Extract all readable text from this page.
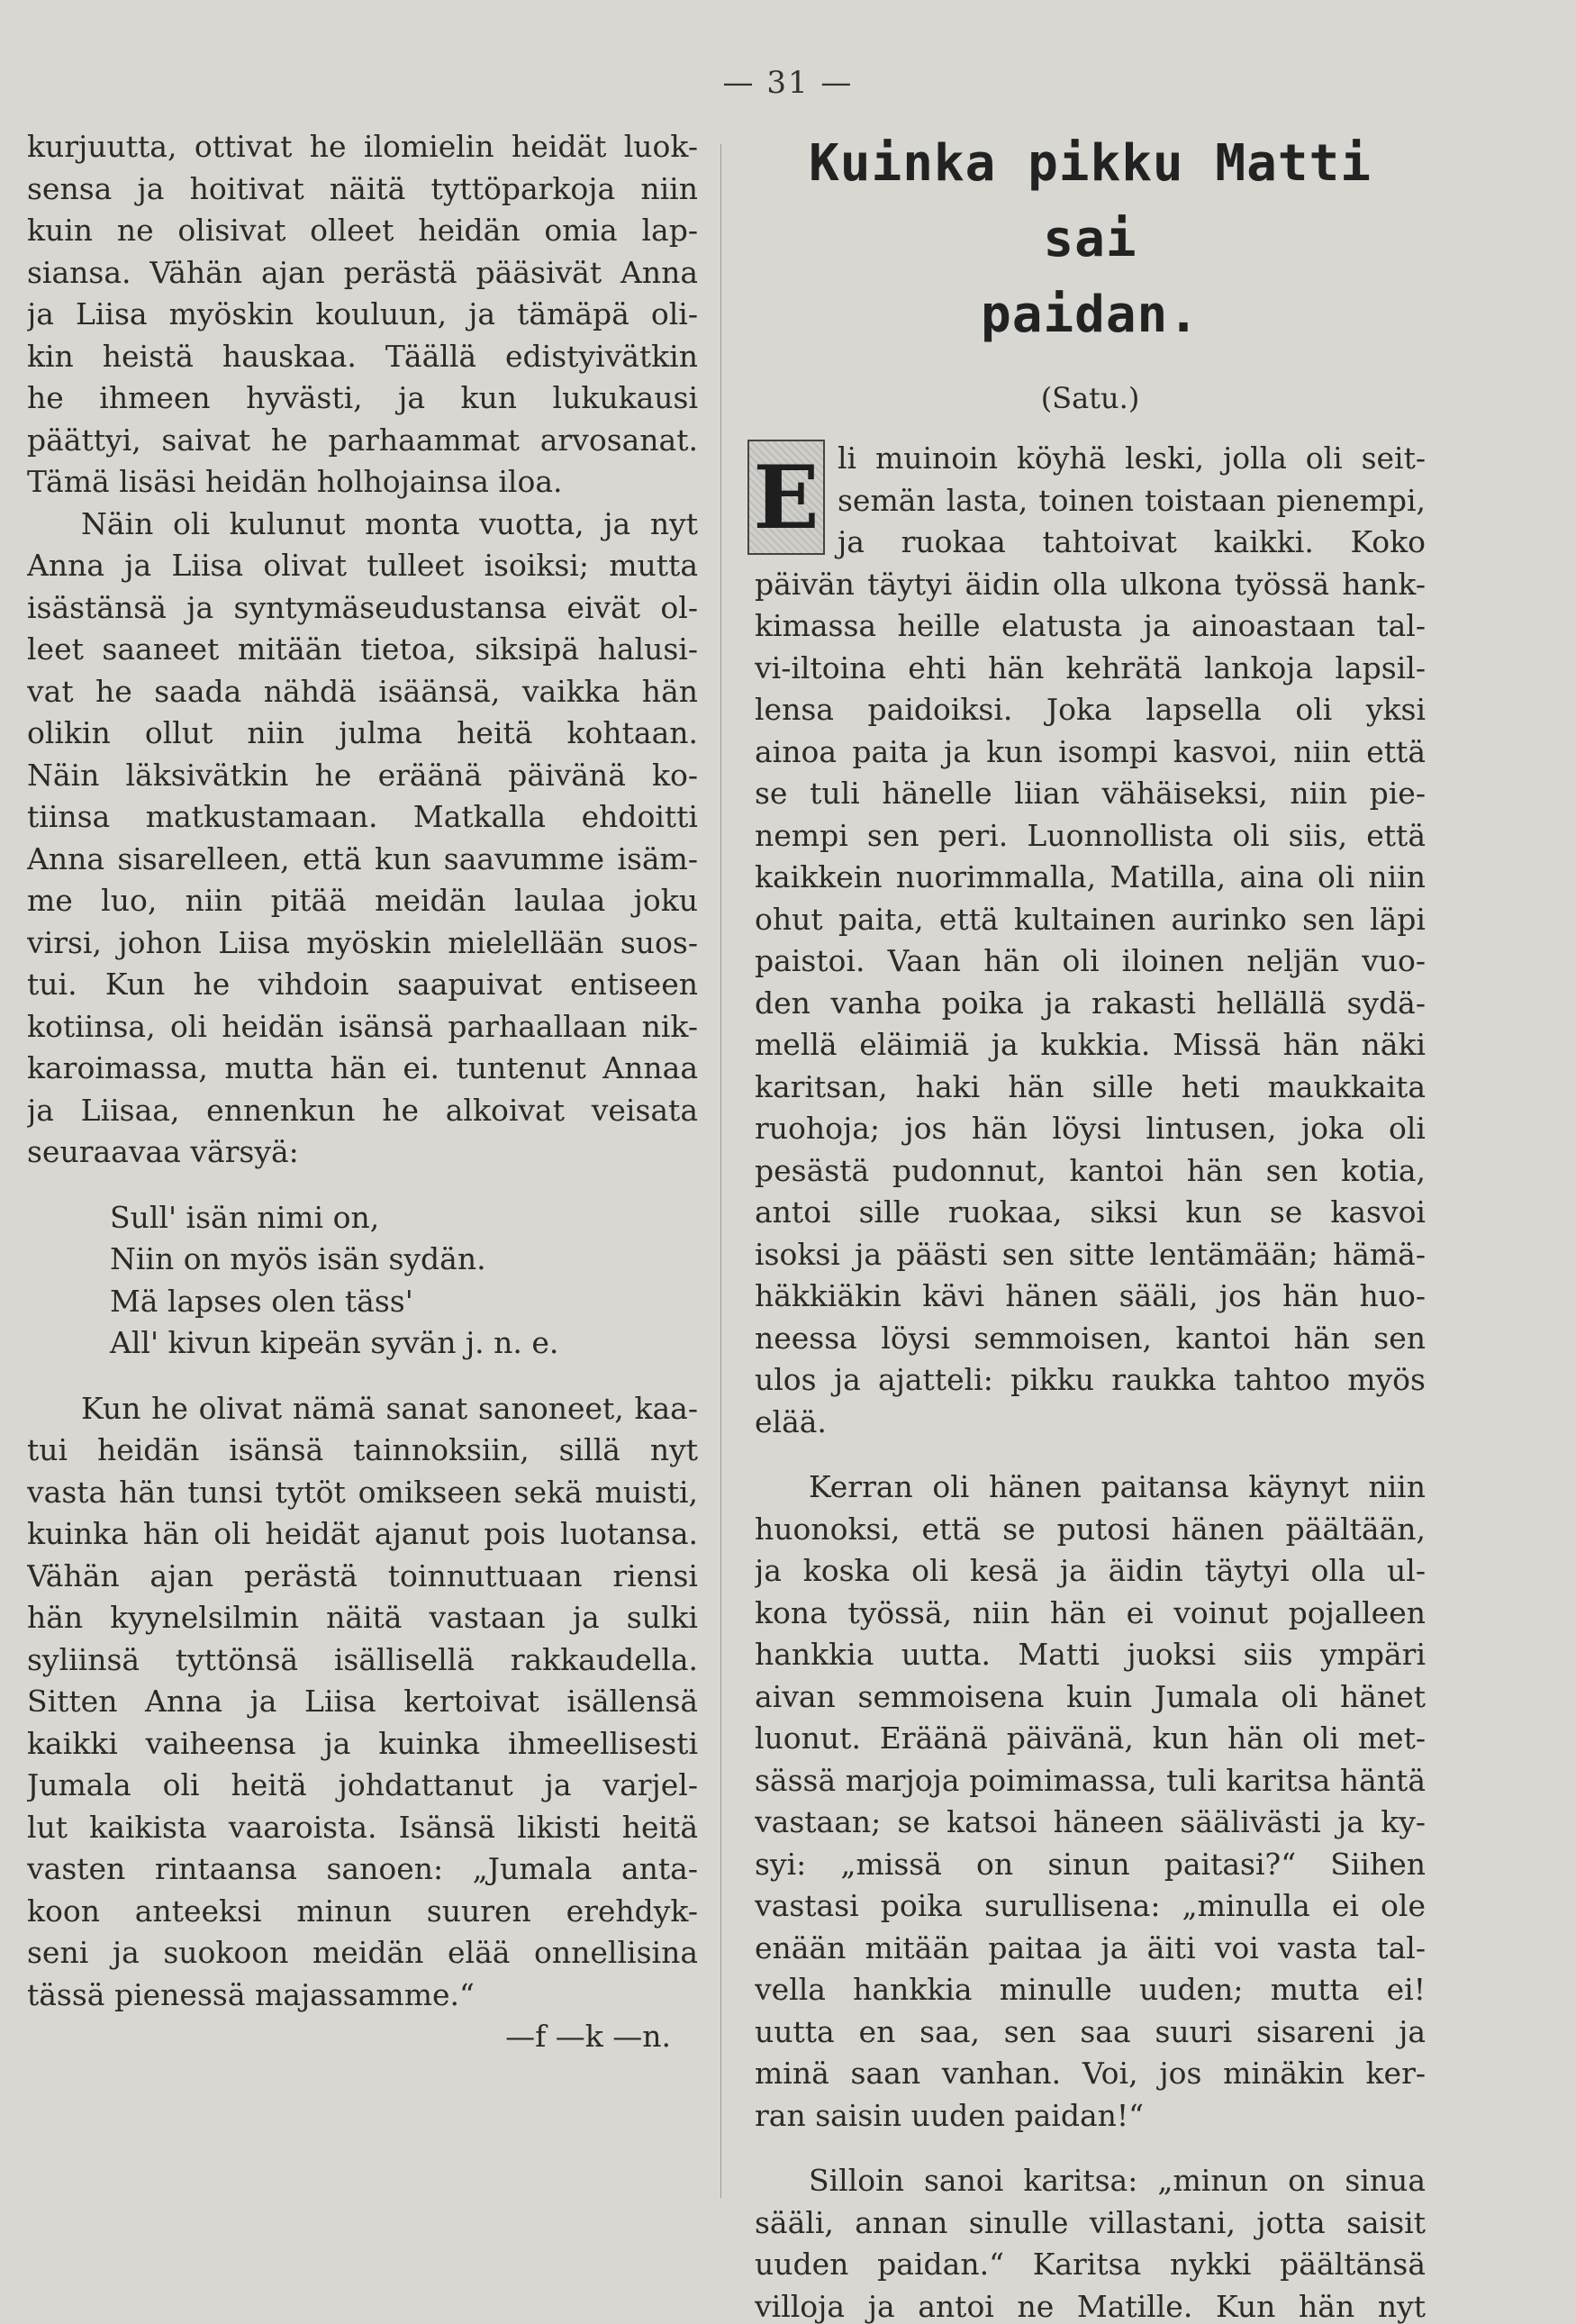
— 31 —
kurjuutta, ottivat he ilomielin heidät luok-
sensa ja hoitivat näitä tyttöparkoja niin
kuin ne olisivat olleet heidän omia lap-
siansa. Vähän ajan perästä pääsivät Anna
ja Liisa myöskin kouluun, ja tämäpä oli-
kin heistä hauskaa. Täällä edistyivätkin
he ihmeen hyvästi, ja kun lukukausi
päättyi, saivat he parhaammat arvosanat.
Tämä lisäsi heidän holhojainsa iloa.
Näin oli kulunut monta vuotta, ja nyt
Anna ja Liisa olivat tulleet isoiksi; mutta
isästänsä ja syntymäseudustansa eivät ol-
leet saaneet mitään tietoa, siksipä halusi-
vat he saada nähdä isäänsä, vaikka hän
olikin ollut niin julma heitä kohtaan.
Näin läksivätkin he eräänä päivänä ko-
tiinsa matkustamaan. Matkalla ehdoitti
Anna sisarelleen, että kun saavumme isäm-
me luo, niin pitää meidän laulaa joku
virsi, johon Liisa myöskin mielellään suos-
tui. Kun he vihdoin saapuivat entiseen
kotiinsa, oli heidän isänsä parhaallaan nik-
karoimassa, mutta hän ei. tuntenut Annaa
ja Liisaa, ennenkun he alkoivat veisata
seuraavaa värsyä:
Sull' isän nimi on,
Niin on myös isän sydän.
Mä lapses olen täss'
All' kivun kipeän syvän j. n. e.
Kun he olivat nämä sanat sanoneet, kaa-
tui heidän isänsä tainnoksiin, sillä nyt
vasta hän tunsi tytöt omikseen sekä muisti,
kuinka hän oli heidät ajanut pois luotansa.
Vähän ajan perästä toinnuttuaan riensi
hän kyynelsilmin näitä vastaan ja sulki
syliinsä tyttönsä isällisellä rakkaudella.
Sitten Anna ja Liisa kertoivat isällensä
kaikki vaiheensa ja kuinka ihmeellisesti
Jumala oli heitä johdattanut ja varjel-
lut kaikista vaaroista. Isänsä likisti heitä
vasten rintaansa sanoen: „Jumala anta-
koon anteeksi minun suuren erehdyk-
seni ja suokoon meidän elää onnellisina
tässä pienessä majassamme.“
—f —k —n.
Kuinka pikku Matti sai
paidan.
(Satu.)
E li muinoin köyhä leski, jolla oli seit-
semän lasta, toinen toistaan pienempi,
ja ruokaa tahtoivat kaikki. Koko
päivän täytyi äidin olla ulkona työssä hank-
kimassa heille elatusta ja ainoastaan tal-
vi-iltoina ehti hän kehrätä lankoja lapsil-
lensa paidoiksi. Joka lapsella oli yksi
ainoa paita ja kun isompi kasvoi, niin että
se tuli hänelle liian vähäiseksi, niin pie-
nempi sen peri. Luonnollista oli siis, että
kaikkein nuorimmalla, Matilla, aina oli niin
ohut paita, että kultainen aurinko sen läpi
paistoi. Vaan hän oli iloinen neljän vuo-
den vanha poika ja rakasti hellällä sydä-
mellä eläimiä ja kukkia. Missä hän näki
karitsan, haki hän sille heti maukkaita
ruohoja; jos hän löysi lintusen, joka oli
pesästä pudonnut, kantoi hän sen kotia,
antoi sille ruokaa, siksi kun se kasvoi
isoksi ja päästi sen sitte lentämään; hämä-
häkkiäkin kävi hänen sääli, jos hän huo-
neessa löysi semmoisen, kantoi hän sen
ulos ja ajatteli: pikku raukka tahtoo myös
elää.
Kerran oli hänen paitansa käynyt niin
huonoksi, että se putosi hänen päältään,
ja koska oli kesä ja äidin täytyi olla ul-
kona työssä, niin hän ei voinut pojalleen
hankkia uutta. Matti juoksi siis ympäri
aivan semmoisena kuin Jumala oli hänet
luonut. Eräänä päivänä, kun hän oli met-
sässä marjoja poimimassa, tuli karitsa häntä
vastaan; se katsoi häneen säälivästi ja ky-
syi: „missä on sinun paitasi?“ Siihen
vastasi poika surullisena: „minulla ei ole
enään mitään paitaa ja äiti voi vasta tal-
vella hankkia minulle uuden; mutta ei!
uutta en saa, sen saa suuri sisareni ja
minä saan vanhan. Voi, jos minäkin ker-
ran saisin uuden paidan!“
Silloin sanoi karitsa: „minun on sinua
sääli, annan sinulle villastani, jotta saisit
uuden paidan.“ Karitsa nykki päältänsä
villoja ja antoi ne Matille. Kun hän nyt
